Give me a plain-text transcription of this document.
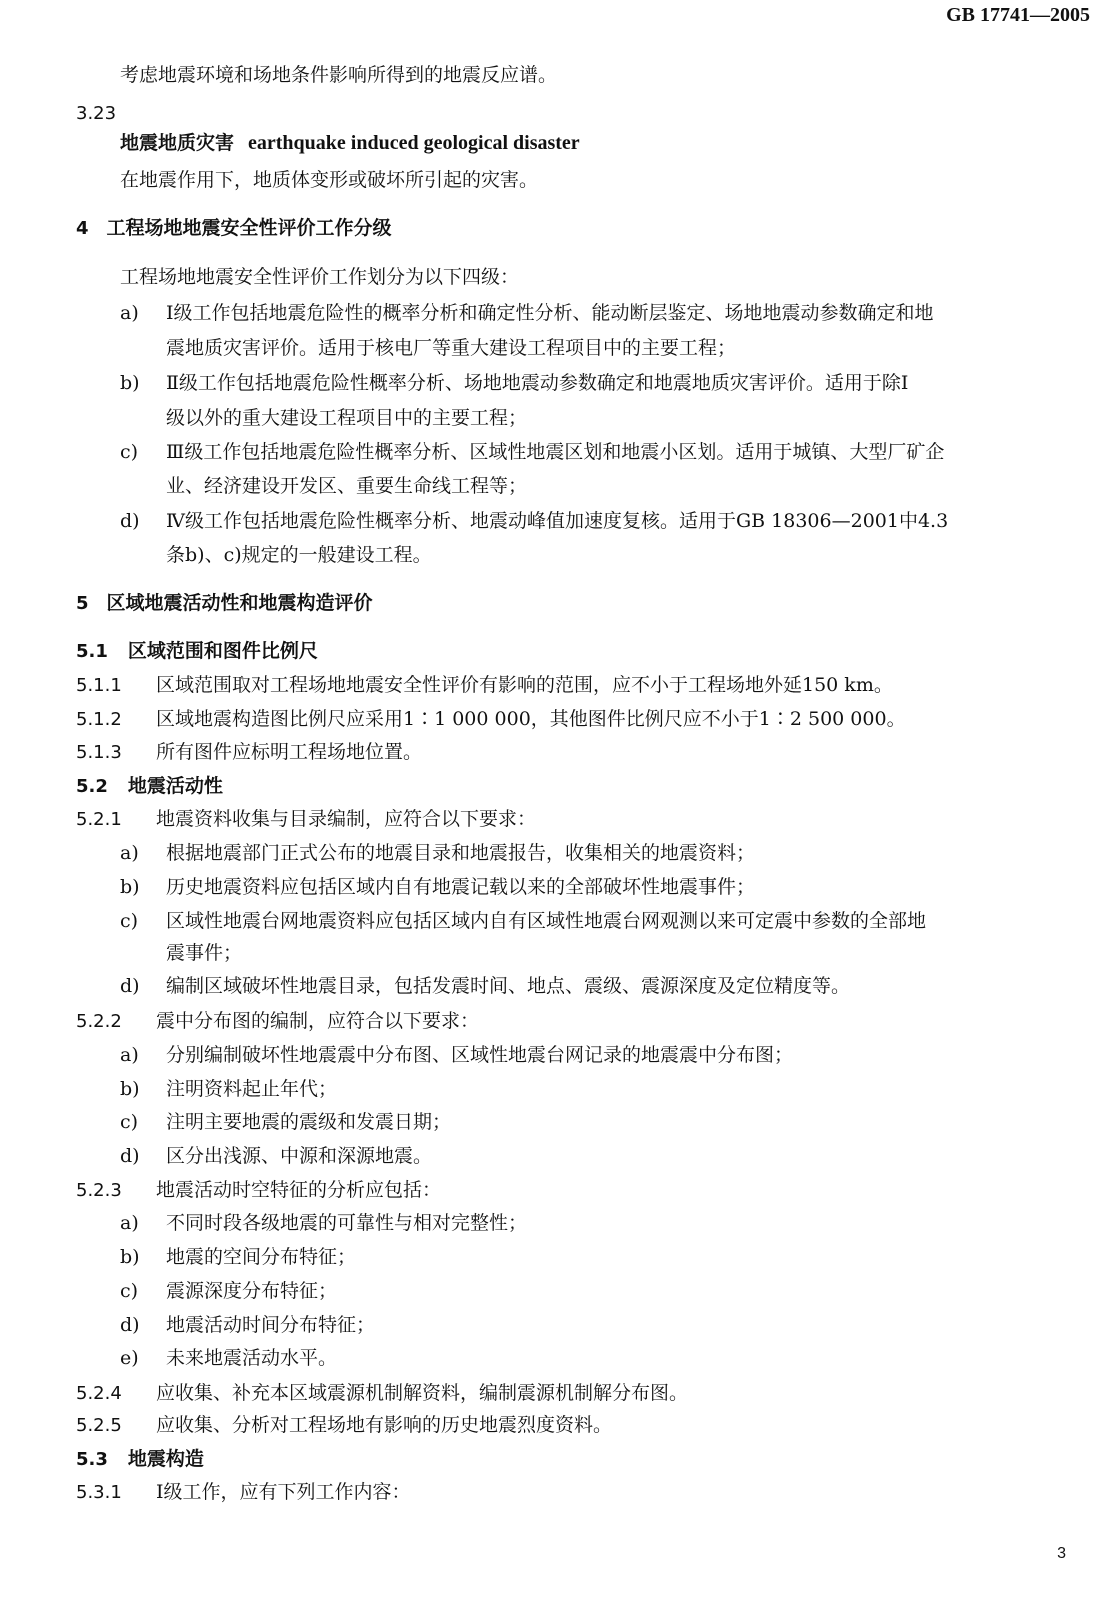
GB 17741—2005
考虑地震环境和场地条件影响所得到的地震反应谱。
3.23
地震地质灾害 earthquake induced geological disaster
在地震作用下，地质体变形或破坏所引起的灾害。
4 工程场地地震安全性评价工作分级
工程场地地震安全性评价工作划分为以下四级：
a) Ⅰ级工作包括地震危险性的概率分析和确定性分析、能动断层鉴定、场地地震动参数确定和地
震地质灾害评价。适用于核电厂等重大建设工程项目中的主要工程；
b) Ⅱ级工作包括地震危险性概率分析、场地地震动参数确定和地震地质灾害评价。适用于除Ⅰ
级以外的重大建设工程项目中的主要工程；
c) Ⅲ级工作包括地震危险性概率分析、区域性地震区划和地震小区划。适用于城镇、大型厂矿企
业、经济建设开发区、重要生命线工程等；
d) Ⅳ级工作包括地震危险性概率分析、地震动峰值加速度复核。适用于GB 18306—2001中4.3
条b)、c)规定的一般建设工程。
5 区域地震活动性和地震构造评价
5.1 区域范围和图件比例尺
5.1.1 区域范围取对工程场地地震安全性评价有影响的范围，应不小于工程场地外延150 km。
5.1.2 区域地震构造图比例尺应采用1∶1 000 000，其他图件比例尺应不小于1∶2 500 000。
5.1.3 所有图件应标明工程场地位置。
5.2 地震活动性
5.2.1 地震资料收集与目录编制，应符合以下要求：
a) 根据地震部门正式公布的地震目录和地震报告，收集相关的地震资料；
b) 历史地震资料应包括区域内自有地震记载以来的全部破坏性地震事件；
c) 区域性地震台网地震资料应包括区域内自有区域性地震台网观测以来可定震中参数的全部地
震事件；
d) 编制区域破坏性地震目录，包括发震时间、地点、震级、震源深度及定位精度等。
5.2.2 震中分布图的编制，应符合以下要求：
a) 分别编制破坏性地震震中分布图、区域性地震台网记录的地震震中分布图；
b) 注明资料起止年代；
c) 注明主要地震的震级和发震日期；
d) 区分出浅源、中源和深源地震。
5.2.3 地震活动时空特征的分析应包括：
a) 不同时段各级地震的可靠性与相对完整性；
b) 地震的空间分布特征；
c) 震源深度分布特征；
d) 地震活动时间分布特征；
e) 未来地震活动水平。
5.2.4 应收集、补充本区域震源机制解资料，编制震源机制解分布图。
5.2.5 应收集、分析对工程场地有影响的历史地震烈度资料。
5.3 地震构造
5.3.1 Ⅰ级工作，应有下列工作内容：
3
